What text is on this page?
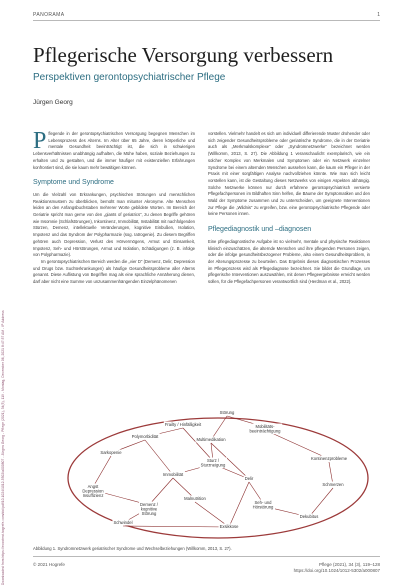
Downloaded from https://econtent.hogrefe.com/doi/pdf/10.1024/1012-5302/a000807 - Jürgen Georg - Pflege (2021), 34(3), 119 - Montag, December 06, 2021 8:47:37 AM - IP Address
PANORAMA	1
Pflegerische Versorgung verbessern
Perspektiven gerontopsychiatrischer Pflege
Jürgen Georg

P flegende in der gerontopsychiatrischen Versorgung begegnen Menschen im Lebensprozess des Alterns. Im Alter über 65 Jahre, deren körperliche und mentale Gesundheit beeinträchtigt ist, die sich in schwierigen Lebensverhältnissen unabhängig aufhalten, die Mühe haben, soziale Beziehungen zu erhalten und zu gestalten, und die immer häufiger mit existenziellen Erfahrungen konfrontiert sind, die sie kaum mehr bewältigen können.

Symptome und Syndrome

Um die Vielzahl von Erkrankungen, psychischen Störungen und menschlichen Reaktionsmustern zu überblicken, bemüht man mitunter Akronyme. Alte Menschen leiden an den Anfangsbuchstaben mehrerer Worte gebildete Worten. Im Bereich der Geriatrie spricht man gerne von den „giants of geriatrics“, zu denen Begriffe gehören wie Insomnie (Schlafstörungen), Inkontinenz, Immobilität, Instabilität mit nachfolgenden Stürzen, Demenz, intellektuelle Veränderungen, kognitive Einbußen, Isolation, Impotenz und das Syndrom der Polypharmazie (sog. Iatrogenie). Zu diesem Begriffen gehören auch Depression, Verlust des Hörvermögens, Armut und Einsamkeit, Impotenz, Seh- und Hörstörungen, Armut und Isolation, Schädigungen (z. B. infolge von Polypharmazie).

Im gerontopsychiatrischen Bereich werden die „vier D“ (Demenz, Delir, Depression und Drugs bzw. Suchterkrankungen) als häufige Gesundheitsprobleme aller Alterns genannt. Diese Auflistung von Begriffen mag als eine sprachliche Annäherung dienen, darf aber nicht eine Summe von unzusammenhängenden Einzelphänomenen

vorstellen. Vielmehr handelt es sich um individuell differierende Muster drohender oder sich zeigender Gesundheitsprobleme oder geriatrische Syndrome, die in der Geriatrie auch als „Merkmalskomplexe“ oder „Syndromnetzwerke“ bezeichnet werden (Willkomm, 2013, S. 27). Die Abbildung 1 veranschaulicht exemplarisch, wie ein solcher Komplex von Merkmalen und Symptomen oder ein Netzwerk einzelner Syndrome bei einem alternden Menschen aussehen kann, die kaum ein Pfleger in der Praxis mit einer sorgfältigen Analyse nachvollziehen könnte. Wie man sich leicht vorstellen kann, ist die Gestaltung dieses Netzwerks von einigen Aspekten abhängig. Solche Netzwerke können nur durch erfahrene gerontopsychiatrisch versierte Pflegefachpersonen im Bildhaften Sinn helfen, die Bäume der Symptomatiken und den Wald der Symptome zusammen und zu unterscheiden, um geeignete Interventionen zur Pflege die „Wildnis“ zu ergreifen, bzw. eine gerontopsychiatrische Pflegende oder keine Personen innen.

Pflegediagnostik und –diagnosen

Eine pflegediagnostische Aufgabe ist so vielmehr, mentale und physische Reaktionen klinisch einzuschätzen, die alternde Menschen und ihre pflegenden Personen zeigen, oder die infolge gesundheitsbezogener Probleme, also einem Gesundheitsproblem, in der Alterungsprozesse zu beurteilen. Das Ergebnis dieses diagnostischen Prozesses im Pflegeprozess wird als Pflegediagnose bezeichnet. Sie bildet die Grundlage, um pflegerische Interventionen auszuwählen, mit denen Pflegeergebnisse erreicht werden sollen, für die Pflegefachpersonen verantwortlich sind (Herdman et al., 2022).

Störung
Frailty / Hinfälligkeit	Mobilitäts-beeinträchtigung
Polymorbidität
Multimedikation
Sarkopenie
Sturz / Sturzneigung
Kontinenzprobleme
Immobilität
Delir
Angst Depression Insuffizienz
Schmerzen
Malnutrition
Demenz / kognitive Störung
Seh- und Hörstörung
Dekubitus
Schwindel
Exsikkose
Abbildung 1. Syndromnetzwerk geriatrischer Syndrome und Wechselbeziehungen (Willkomm, 2013, S. 27).
© 2021 Hogrefe	Pflege (2021), 34 (3), 119–128
https://doi.org/10.1024/1012-5302/a000807
